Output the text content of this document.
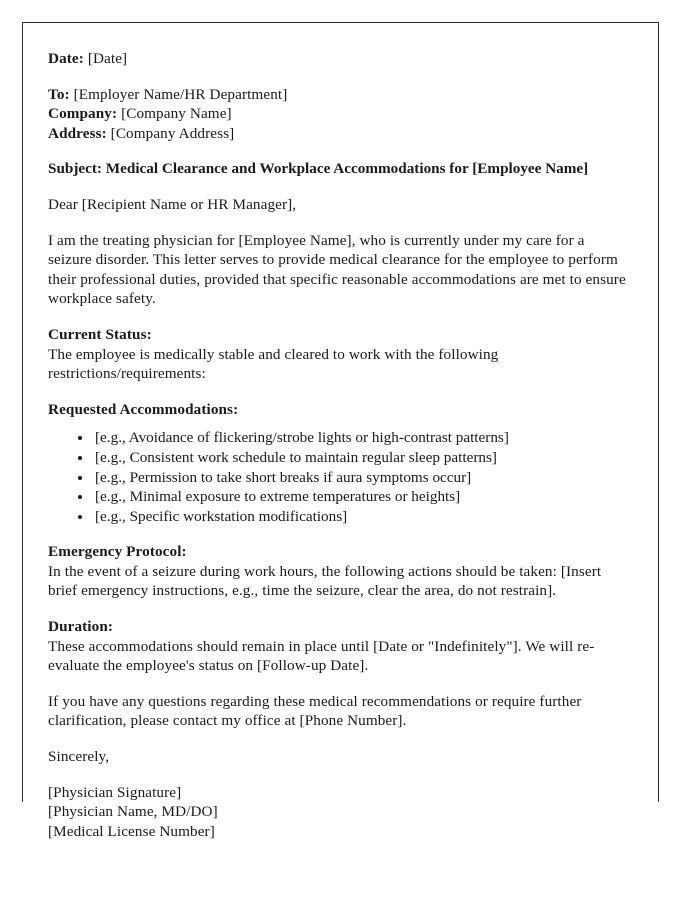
Date: [Date]

To: [Employer Name/HR Department]

Company: [Company Name]

Address: [Company Address]

Subject: Medical Clearance and Workplace Accommodations for [Employee Name]

Dear [Recipient Name or HR Manager],

I am the treating physician for [Employee Name], who is currently under my care for a seizure disorder. This letter serves to provide medical clearance for the employee to perform their professional duties, provided that specific reasonable accommodations are met to ensure workplace safety.

Current Status:

The employee is medically stable and cleared to work with the following restrictions/requirements:

Requested Accommodations:

• [e.g., Avoidance of flickering/strobe lights or high-contrast patterns]
• [e.g., Consistent work schedule to maintain regular sleep patterns]
• [e.g., Permission to take short breaks if aura symptoms occur]
• [e.g., Minimal exposure to extreme temperatures or heights]
• [e.g., Specific workstation modifications]

Emergency Protocol:

In the event of a seizure during work hours, the following actions should be taken: [Insert brief emergency instructions, e.g., time the seizure, clear the area, do not restrain].

Duration:

These accommodations should remain in place until [Date or "Indefinitely"]. We will re-evaluate the employee's status on [Follow-up Date].

If you have any questions regarding these medical recommendations or require further clarification, please contact my office at [Phone Number].

Sincerely,

[Physician Signature]

[Physician Name, MD/DO]

[Medical License Number]
